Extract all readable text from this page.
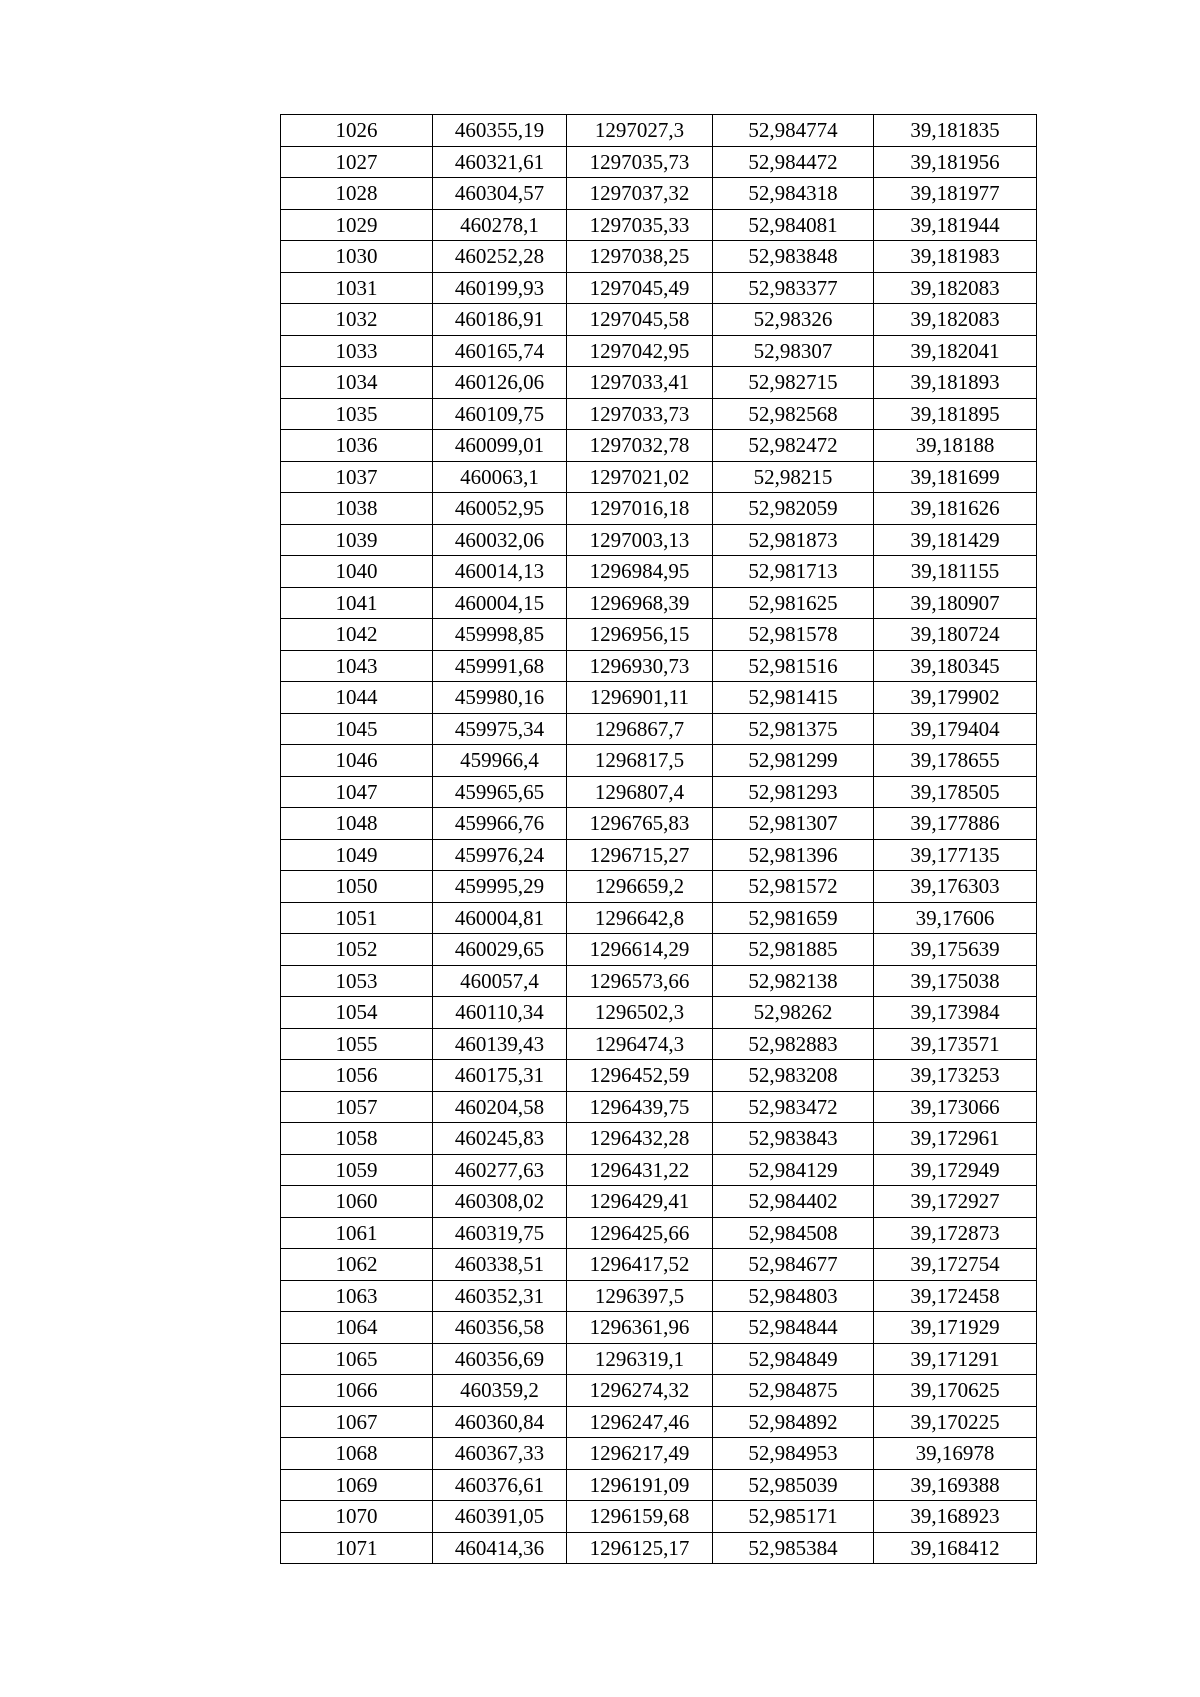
1026	460355,19	1297027,3	52,984774	39,181835
1027	460321,61	1297035,73	52,984472	39,181956
1028	460304,57	1297037,32	52,984318	39,181977
1029	460278,1	1297035,33	52,984081	39,181944
1030	460252,28	1297038,25	52,983848	39,181983
1031	460199,93	1297045,49	52,983377	39,182083
1032	460186,91	1297045,58	52,98326	39,182083
1033	460165,74	1297042,95	52,98307	39,182041
1034	460126,06	1297033,41	52,982715	39,181893
1035	460109,75	1297033,73	52,982568	39,181895
1036	460099,01	1297032,78	52,982472	39,18188
1037	460063,1	1297021,02	52,98215	39,181699
1038	460052,95	1297016,18	52,982059	39,181626
1039	460032,06	1297003,13	52,981873	39,181429
1040	460014,13	1296984,95	52,981713	39,181155
1041	460004,15	1296968,39	52,981625	39,180907
1042	459998,85	1296956,15	52,981578	39,180724
1043	459991,68	1296930,73	52,981516	39,180345
1044	459980,16	1296901,11	52,981415	39,179902
1045	459975,34	1296867,7	52,981375	39,179404
1046	459966,4	1296817,5	52,981299	39,178655
1047	459965,65	1296807,4	52,981293	39,178505
1048	459966,76	1296765,83	52,981307	39,177886
1049	459976,24	1296715,27	52,981396	39,177135
1050	459995,29	1296659,2	52,981572	39,176303
1051	460004,81	1296642,8	52,981659	39,17606
1052	460029,65	1296614,29	52,981885	39,175639
1053	460057,4	1296573,66	52,982138	39,175038
1054	460110,34	1296502,3	52,98262	39,173984
1055	460139,43	1296474,3	52,982883	39,173571
1056	460175,31	1296452,59	52,983208	39,173253
1057	460204,58	1296439,75	52,983472	39,173066
1058	460245,83	1296432,28	52,983843	39,172961
1059	460277,63	1296431,22	52,984129	39,172949
1060	460308,02	1296429,41	52,984402	39,172927
1061	460319,75	1296425,66	52,984508	39,172873
1062	460338,51	1296417,52	52,984677	39,172754
1063	460352,31	1296397,5	52,984803	39,172458
1064	460356,58	1296361,96	52,984844	39,171929
1065	460356,69	1296319,1	52,984849	39,171291
1066	460359,2	1296274,32	52,984875	39,170625
1067	460360,84	1296247,46	52,984892	39,170225
1068	460367,33	1296217,49	52,984953	39,16978
1069	460376,61	1296191,09	52,985039	39,169388
1070	460391,05	1296159,68	52,985171	39,168923
1071	460414,36	1296125,17	52,985384	39,168412
